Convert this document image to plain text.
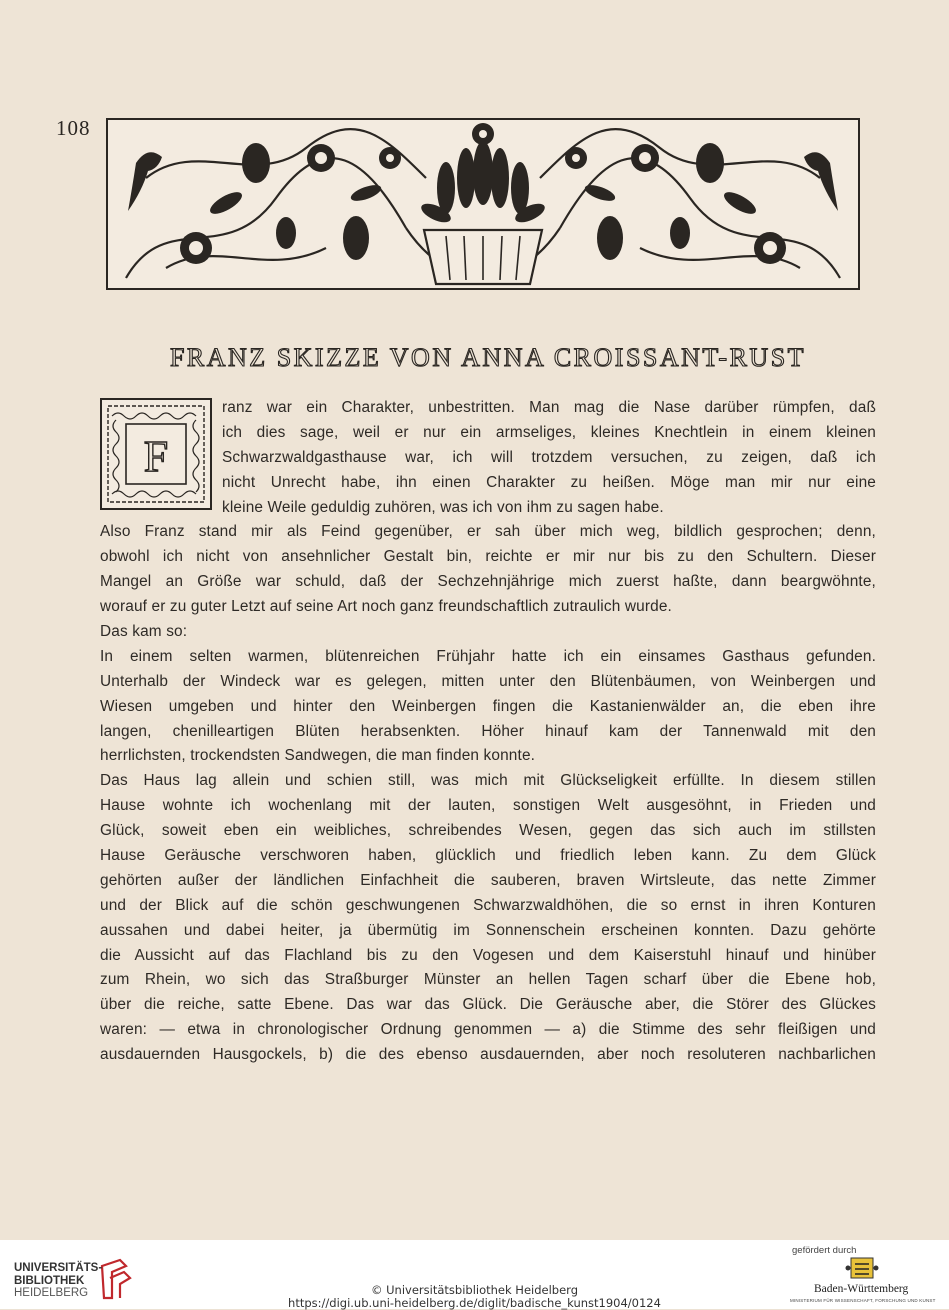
108
FRANZ SKIZZE VON ANNA CROISSANT-RUST
F
ranz war ein Charakter, unbestritten. Man mag die Nase darüber rümpfen, daß
ich dies sage, weil er nur ein armseliges, kleines Knechtlein in einem kleinen
Schwarzwaldgasthause war, ich will trotzdem versuchen, zu zeigen, daß ich
nicht Unrecht habe, ihn einen Charakter zu heißen. Möge man mir nur eine
kleine Weile geduldig zuhören, was ich von ihm zu sagen habe.
Also Franz stand mir als Feind gegenüber, er sah über mich weg, bildlich gesprochen; denn,
obwohl ich nicht von ansehnlicher Gestalt bin, reichte er mir nur bis zu den Schultern. Dieser
Mangel an Größe war schuld, daß der Sechzehnjährige mich zuerst haßte, dann beargwöhnte,
worauf er zu guter Letzt auf seine Art noch ganz freundschaftlich zutraulich wurde.
Das kam so:
In einem selten warmen, blütenreichen Frühjahr hatte ich ein einsames Gasthaus gefunden.
Unterhalb der Windeck war es gelegen, mitten unter den Blütenbäumen, von Weinbergen und
Wiesen umgeben und hinter den Weinbergen fingen die Kastanienwälder an, die eben ihre
langen, chenilleartigen Blüten herabsenkten. Höher hinauf kam der Tannenwald mit den
herrlichsten, trockendsten Sandwegen, die man finden konnte.
Das Haus lag allein und schien still, was mich mit Glückseligkeit erfüllte. In diesem stillen
Hause wohnte ich wochenlang mit der lauten, sonstigen Welt ausgesöhnt, in Frieden und
Glück, soweit eben ein weibliches, schreibendes Wesen, gegen das sich auch im stillsten
Hause Geräusche verschworen haben, glücklich und friedlich leben kann. Zu dem Glück
gehörten außer der ländlichen Einfachheit die sauberen, braven Wirtsleute, das nette Zimmer
und der Blick auf die schön geschwungenen Schwarzwaldhöhen, die so ernst in ihren Konturen
aussahen und dabei heiter, ja übermütig im Sonnenschein erscheinen konnten. Dazu gehörte
die Aussicht auf das Flachland bis zu den Vogesen und dem Kaiserstuhl hinauf und hinüber
zum Rhein, wo sich das Straßburger Münster an hellen Tagen scharf über die Ebene hob,
über die reiche, satte Ebene. Das war das Glück. Die Geräusche aber, die Störer des Glückes
waren: — etwa in chronologischer Ordnung genommen — a) die Stimme des sehr fleißigen und
ausdauernden Hausgockels, b) die des ebenso ausdauernden, aber noch resoluteren nachbarlichen
UNIVERSITÄTS-
BIBLIOTHEK
HEIDELBERG	© Universitätsbibliothek Heidelberg
https://digi.ub.uni-heidelberg.de/diglit/badische_kunst1904/0124
gefördert durch
Baden-Württemberg
MINISTERIUM FÜR WISSENSCHAFT, FORSCHUNG UND KUNST
